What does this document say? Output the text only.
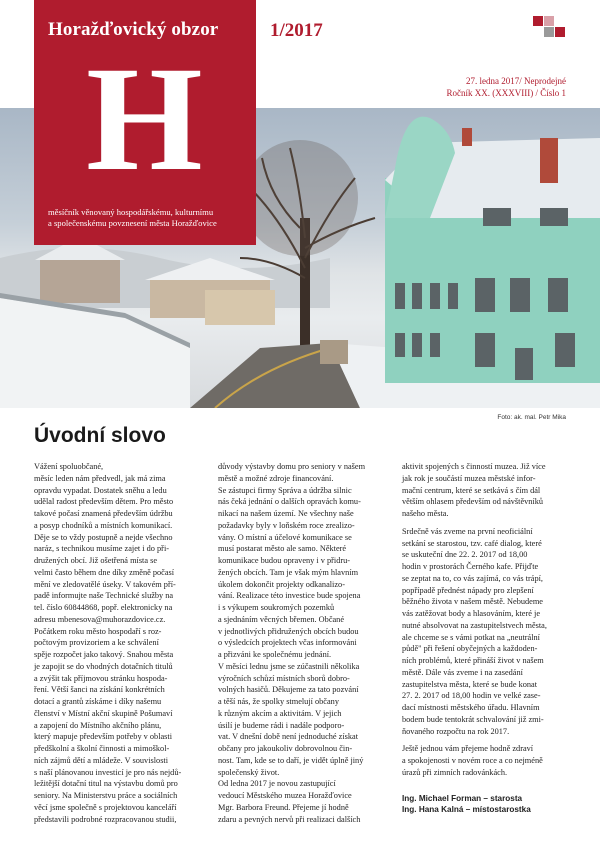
Horažďovický obzor
H
měsíčník věnovaný hospodářskému, kulturnímu
a společenskému povznesení města Horažďovice
1/2017
27. ledna 2017/ Neprodejné
Ročník XX. (XXXVIII) / Číslo 1
Foto: ak. mal. Petr Mika
Úvodní slovo

Vážení spoluobčané,

měsíc leden nám předvedl, jak má zima

opravdu vypadat. Dostatek sněhu a ledu

udělal radost především dětem. Pro město

takové počasí znamená především údržbu

a posyp chodníků a místních komunikací.

Děje se to vždy postupně a nejde všechno

naráz, s technikou musíme zajet i do při-

družených obcí. Již ošetřená místa se

velmi často během dne díky změně počasí

mění ve zledovatělé úseky. V takovém pří-

padě informujte naše Technické služby na

tel. číslo 60844868, popř. elektronicky na

adresu mbenesova@muhorazdovice.cz.

Počátkem roku město hospodaří s roz-

počtovým provizoriem a ke schválení

spěje rozpočet jako takový. Snahou města

je zapojit se do vhodných dotačních titulů

a zvýšit tak příjmovou stránku hospoda-

ření. Větší šanci na získání konkrétních

dotací a grantů získáme i díky našemu

členství v Místní akční skupině Pošumaví

a zapojení do Místního akčního plánu,

který mapuje především potřeby v oblasti

předškolní a školní činnosti a mimoškol-

ních zájmů dětí a mládeže. V souvislosti

s naší plánovanou investicí je pro nás nejdů-

ležitější dotační titul na výstavbu domů pro

seniory. Na Ministerstvu práce a sociálních

věcí jsme společně s projektovou kanceláří

představili podrobné rozpracovanou studii,

důvody výstavby domu pro seniory v našem

městě a možné zdroje financování.

Se zástupci firmy Správa a údržba silnic

nás čeká jednání o dalších opravách komu-

nikací na našem území. Ne všechny naše

požadavky byly v loňském roce zrealizo-

vány. O místní a účelové komunikace se

musí postarat město ale samo. Některé

komunikace budou opraveny i v přidru-

žených obcích. Tam je však mým hlavním

úkolem dokončit projekty odkanalizo-

vání. Realizace této investice bude spojena

i s výkupem soukromých pozemků

a sjednáním věcných břemen. Občané

v jednotlivých přidružených obcích budou

o výsledcích projektech včas informováni

a přizváni ke společnému jednání.

V měsíci lednu jsme se zúčastnili několika

výročních schůzí místních sborů dobro-

volných hasičů. Děkujeme za tato pozvání

a těší nás, že spolky stmelují občany

k různým akcím a aktivitám. V jejich

úsilí je budeme rádi i nadále podporo-

vat. V dnešní době není jednoduché získat

občany pro jakoukoliv dobrovolnou čin-

nost. Tam, kde se to daří, je vidět úplně jiný

společenský život.

Od ledna 2017 je novou zastupující

vedoucí Městského muzea Horažďovice

Mgr. Barbora Freund. Přejeme jí hodně

zdaru a pevných nervů při realizaci dalších

aktivit spojených s činností muzea. Již více

jak rok je součástí muzea městské infor-

mační centrum, které se setkává s čím dál

větším ohlasem především od návštěvníků

našeho města.

Srdečně vás zveme na první neoficiální

setkání se starostou, tzv. café dialog, které

se uskuteční dne 22. 2. 2017 od 18,00

hodin v prostorách Černého kafe. Přijďte

se zeptat na to, co vás zajímá, co vás trápí,

popřípadě přednést nápady pro zlepšení

běžného života v našem městě. Nebudeme

vás zatěžovat body a hlasováním, které je

nutné absolvovat na zastupitelstvech města,

ale chceme se s vámi potkat na „neutrální

půdě" při řešení obyčejných a každoden-

ních problémů, které přináší život v našem

městě. Dále vás zveme i na zasedání

zastupitelstva města, které se bude konat

27. 2. 2017 od 18,00 hodin ve velké zase-

dací místnosti městského úřadu. Hlavním

bodem bude tentokrát schvalování již zmi-

ňovaného rozpočtu na rok 2017.

Ještě jednou vám přejeme hodně zdraví

a spokojenosti v novém roce a co nejméně

úrazů při zimních radovánkách.

Ing. Michael Forman – starosta

Ing. Hana Kalná – místostarostka
